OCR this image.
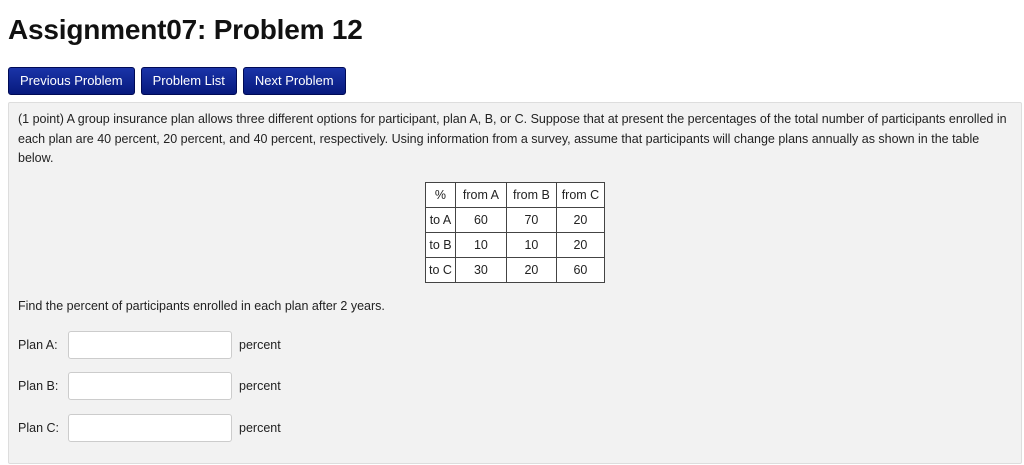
Assignment07: Problem 12
Previous Problem	Problem List	Next Problem

(1 point) A group insurance plan allows three different options for participant, plan A, B, or C. Suppose that at present the percentages of the total number of participants enrolled in each plan are 40 percent, 20 percent, and 40 percent, respectively. Using information from a survey, assume that participants will change plans annually as shown in the table below.

%	from A	from B	from C
to A	60	70	20
to B	10	10	20
to C	30	20	60

Find the percent of participants enrolled in each plan after 2 years.

Plan A:	percent
Plan B:	percent
Plan C:	percent
